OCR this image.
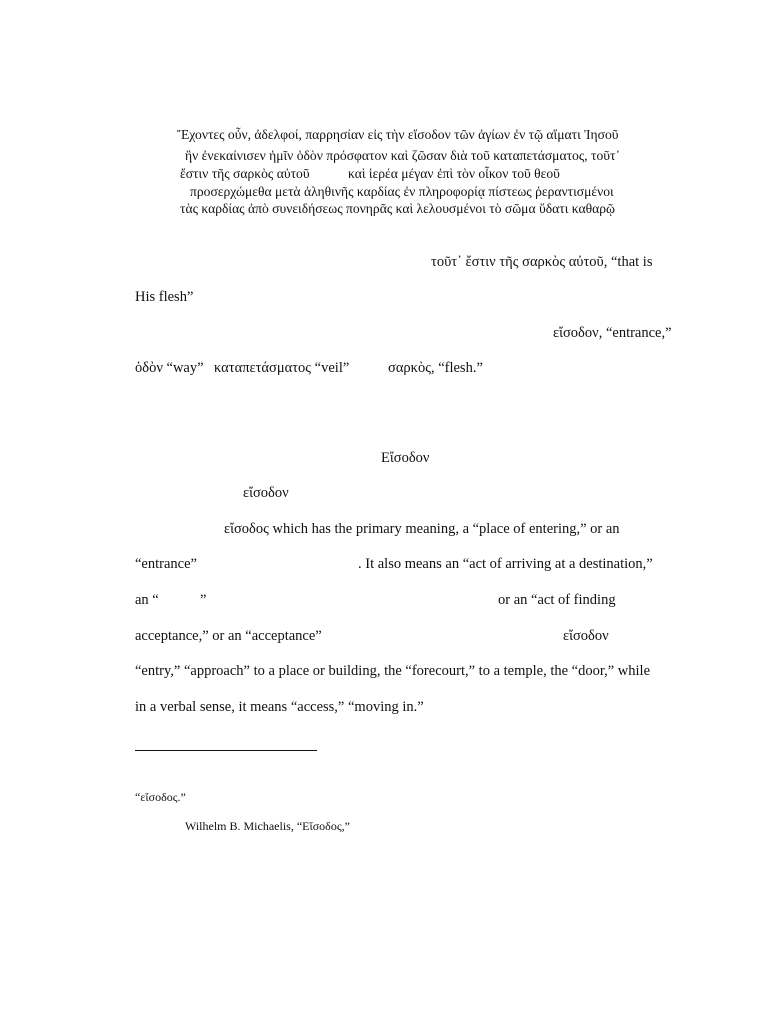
Ἔχοντες οὖν, ἀδελφοί, παρρησίαν εἰς τὴν εἴσοδον τῶν ἁγίων ἐν τῷ αἵματι Ἰησοῦ
ἣν ἐνεκαίνισεν ἡμῖν ὁδὸν πρόσφατον καὶ ζῶσαν διὰ τοῦ καταπετάσματος, τοῦτ᾿
ἔστιν τῆς σαρκὸς αὐτοῦ	καὶ ἱερέα μέγαν ἐπὶ τὸν οἶκον τοῦ θεοῦ
προσερχώμεθα μετὰ ἀληθινῆς καρδίας ἐν πληροφορίᾳ πίστεως ῥεραντισμένοι
τὰς καρδίας ἀπὸ συνειδήσεως πονηρᾶς καὶ λελουσμένοι τὸ σῶμα ὕδατι καθαρῷ
τοῦτ᾿ ἔστιν τῆς σαρκὸς αὐτοῦ, “that is
His flesh”
εἴσοδον, “entrance,”
ὁδὸν “way” καταπετάσματος “veil”	σαρκὸς, “flesh.”
Εἴσοδον
εἴσοδον
εἴσοδος which has the primary meaning, a “place of entering,” or an
“entrance”	. It also means an “act of arriving at a destination,”
an “	”	or an “act of finding
acceptance,” or an “acceptance”	εἴσοδον
“entry,” “approach” to a place or building, the “forecourt,” to a temple, the “door,” while
in a verbal sense, it means “access,” “moving in.”
“εἴσοδος.”
Wilhelm B. Michaelis, “Εἴσοδος,”
